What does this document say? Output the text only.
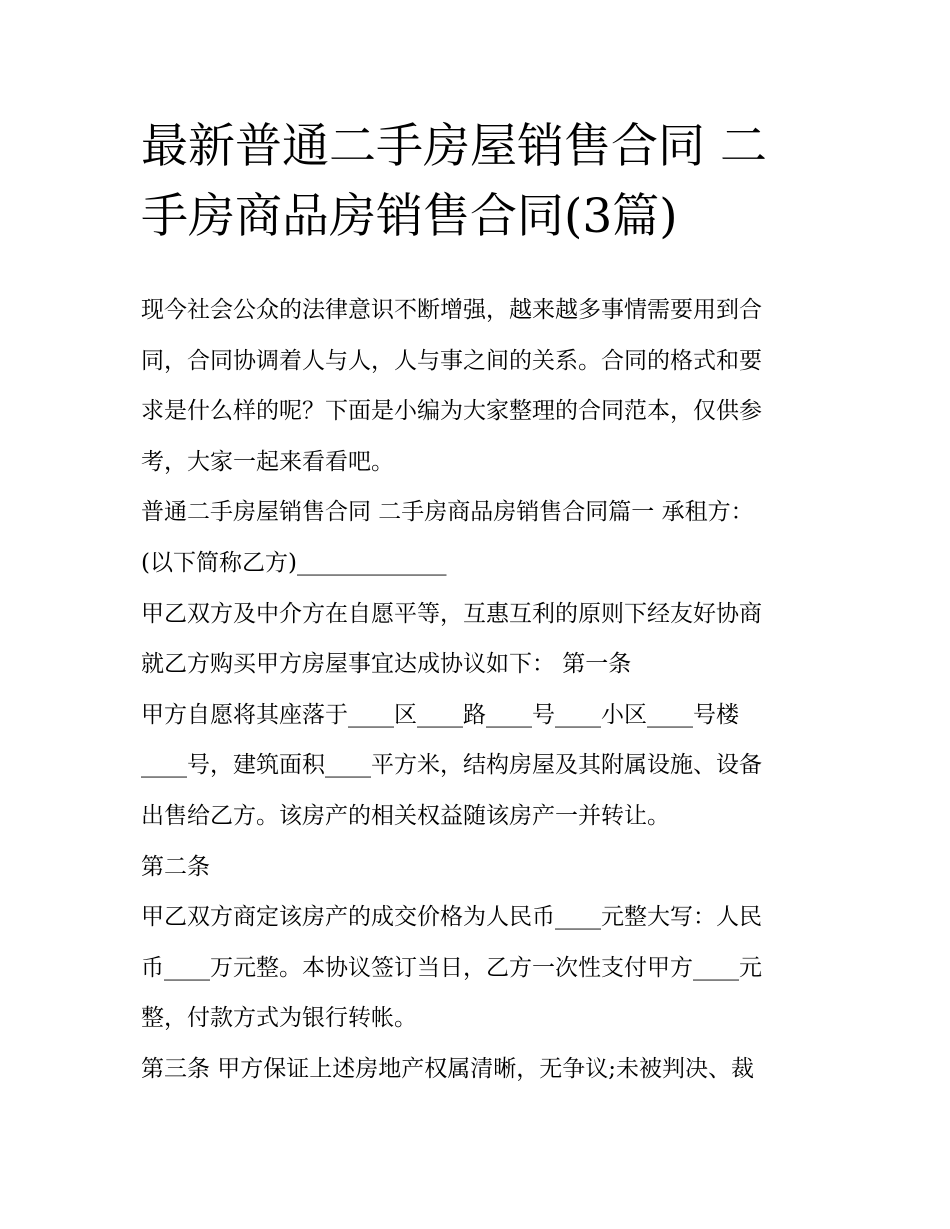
最新普通二手房屋销售合同 二
手房商品房销售合同(3篇)
现今社会公众的法律意识不断增强，越来越多事情需要用到合
同，合同协调着人与人，人与事之间的关系。合同的格式和要
求是什么样的呢？下面是小编为大家整理的合同范本，仅供参
考，大家一起来看看吧。
普通二手房屋销售合同 二手房商品房销售合同篇一 承租方：
(以下简称乙方)_____________
甲乙双方及中介方在自愿平等，互惠互利的原则下经友好协商
就乙方购买甲方房屋事宜达成协议如下： 第一条
甲方自愿将其座落于____区____路____号____小区____号楼
____号，建筑面积____平方米，结构房屋及其附属设施、设备
出售给乙方。该房产的相关权益随该房产一并转让。
第二条
甲乙双方商定该房产的成交价格为人民币____元整大写：人民
币____万元整。本协议签订当日，乙方一次性支付甲方____元
整，付款方式为银行转帐。
第三条 甲方保证上述房地产权属清晰，无争议;未被判决、裁
